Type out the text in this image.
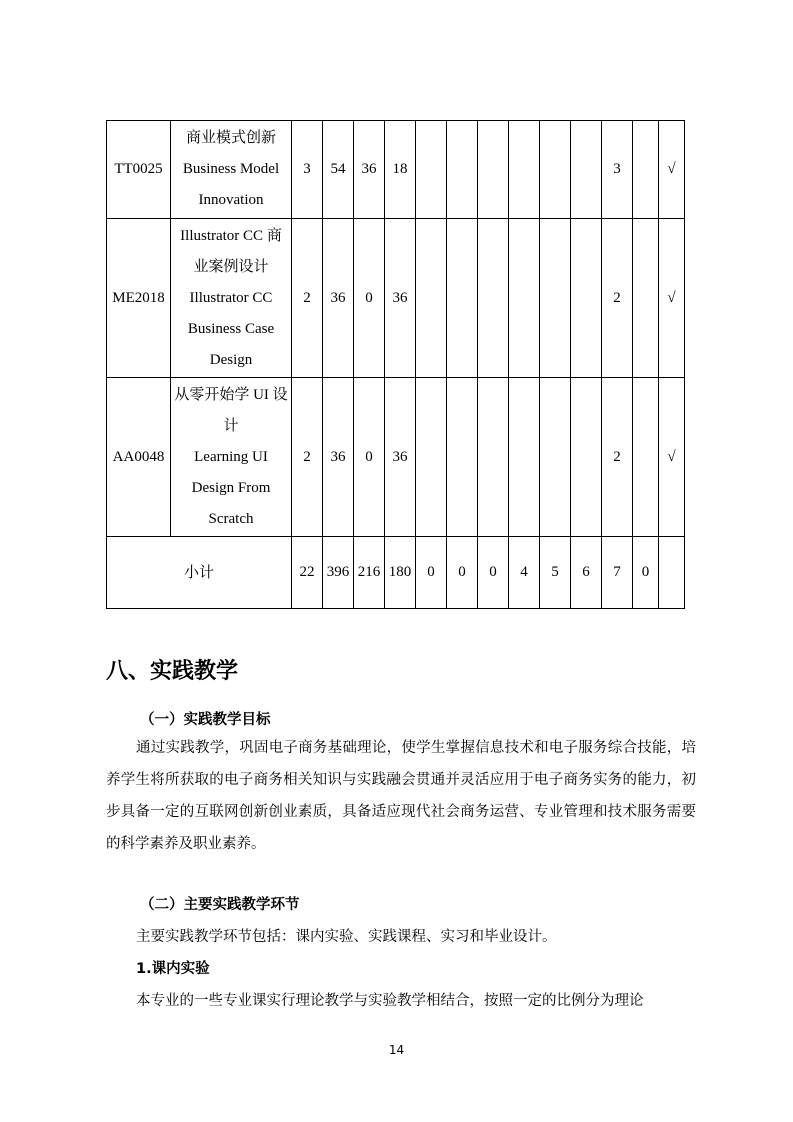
TT0025	商业模式创新
Business Model
Innovation	3	54	36	18							3		√
ME2018	Illustrator CC 商
业案例设计
Illustrator CC
Business Case
Design	2	36	0	36							2		√
AA0048	从零开始学 UI 设
计
Learning UI
Design From
Scratch	2	36	0	36							2		√
小计		22	396	216	180	0	0	0	4	5	6	7	0	
八、实践教学
（一）实践教学目标

通过实践教学，巩固电子商务基础理论，使学生掌握信息技术和电子服务综合技能，培养学生将所获取的电子商务相关知识与实践融会贯通并灵活应用于电子商务实务的能力，初步具备一定的互联网创新创业素质，具备适应现代社会商务运营、专业管理和技术服务需要的科学素养及职业素养。

（二）主要实践教学环节

主要实践教学环节包括：课内实验、实践课程、实习和毕业设计。

1.课内实验

本专业的一些专业课实行理论教学与实验教学相结合，按照一定的比例分为理论

14
